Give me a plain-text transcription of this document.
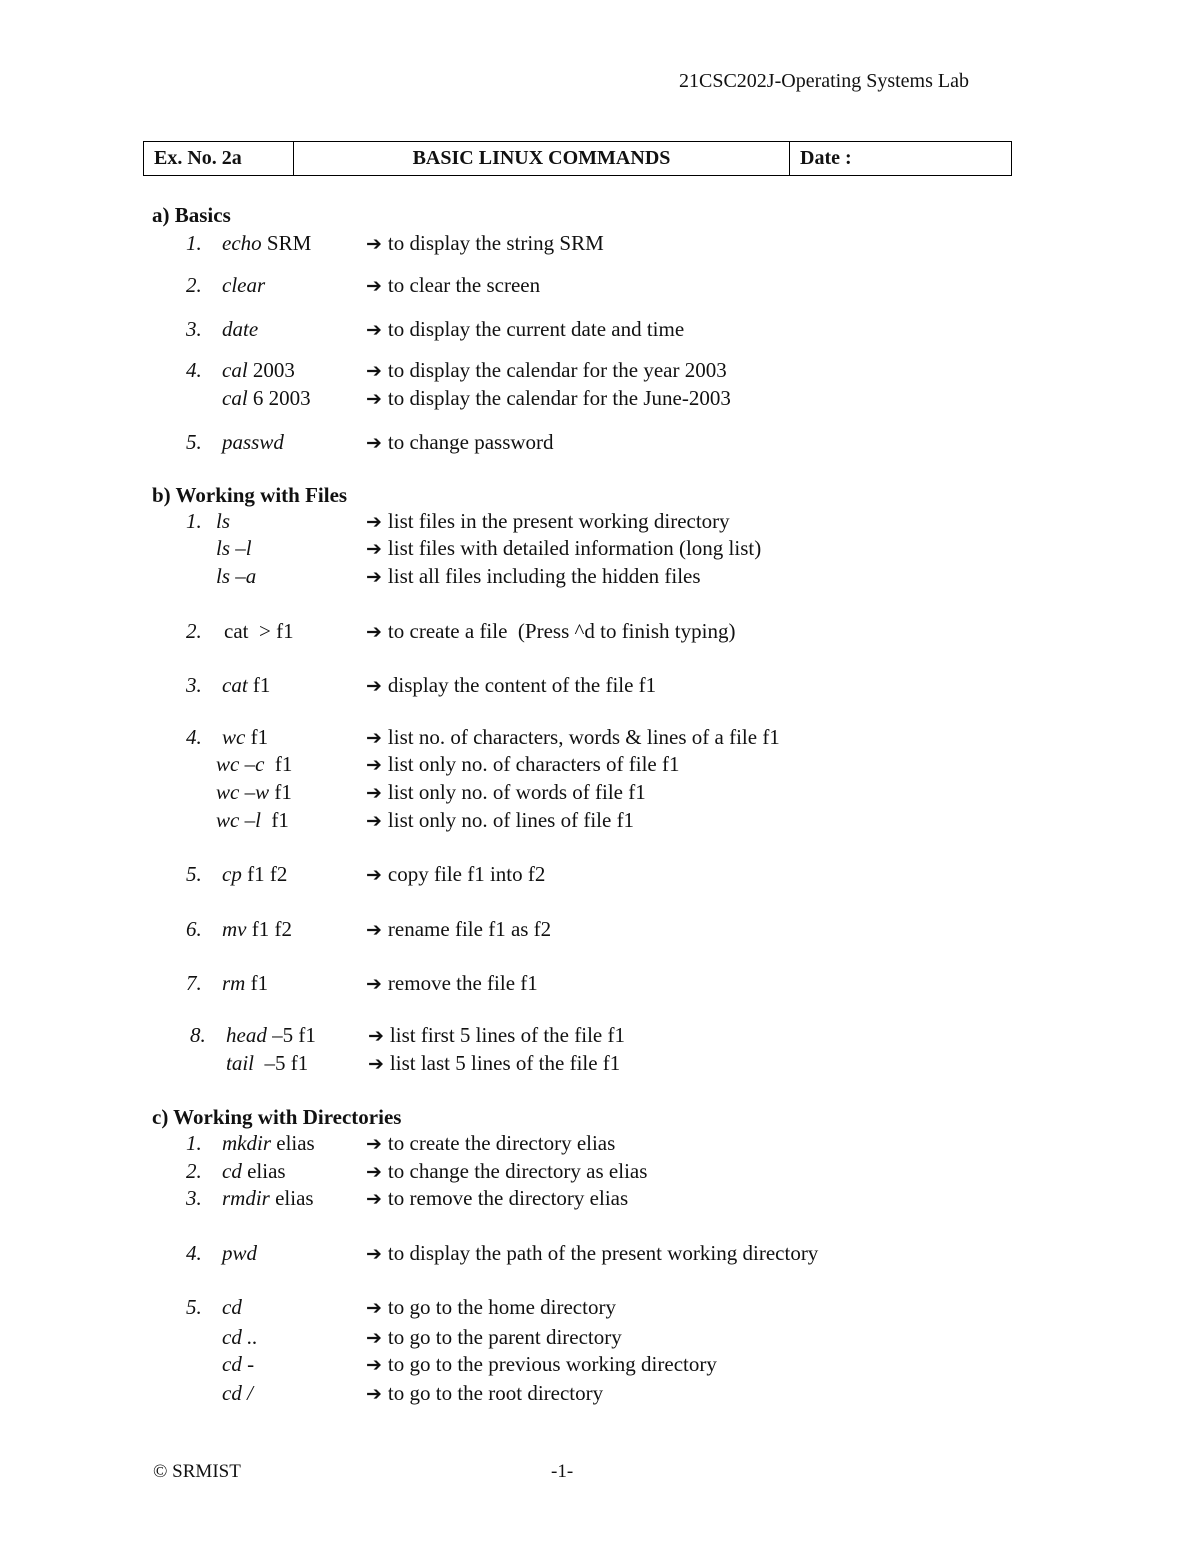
21CSC202J-Operating Systems Lab
Ex. No. 2a	BASIC LINUX COMMANDS	Date :
a) Basics
b) Working with Files
c) Working with Directories
1. echo SRM	➔ to display the string SRM
2. clear	➔ to clear the screen
3. date	➔ to display the current date and time
4. cal 2003	➔ to display the calendar for the year 2003
cal 6 2003	➔ to display the calendar for the June-2003
5. passwd	➔ to change password
1. ls	➔ list files in the present working directory
ls –l	➔ list files with detailed information (long list)
ls –a	➔ list all files including the hidden files
2.	cat  > f1	➔ to create a file  (Press ^d to finish typing)
3. cat f1	➔ display the content of the file f1
4. wc f1	➔ list no. of characters, words & lines of a file f1
wc –c  f1	➔ list only no. of characters of file f1
wc –w f1	➔ list only no. of words of file f1
wc –l  f1	➔ list only no. of lines of file f1
5. cp f1 f2	➔ copy file f1 into f2
6. mv f1 f2	➔ rename file f1 as f2
7. rm f1	➔ remove the file f1
8. head –5 f1	➔ list first 5 lines of the file f1
tail  –5 f1	➔ list last 5 lines of the file f1
1. mkdir elias	➔ to create the directory elias
2. cd elias	➔ to change the directory as elias
3. rmdir elias	➔ to remove the directory elias
4. pwd	➔ to display the path of the present working directory
5. cd	➔ to go to the home directory
cd ..	➔ to go to the parent directory
cd -	➔ to go to the previous working directory
cd /	➔ to go to the root directory
© SRMIST	-1-
